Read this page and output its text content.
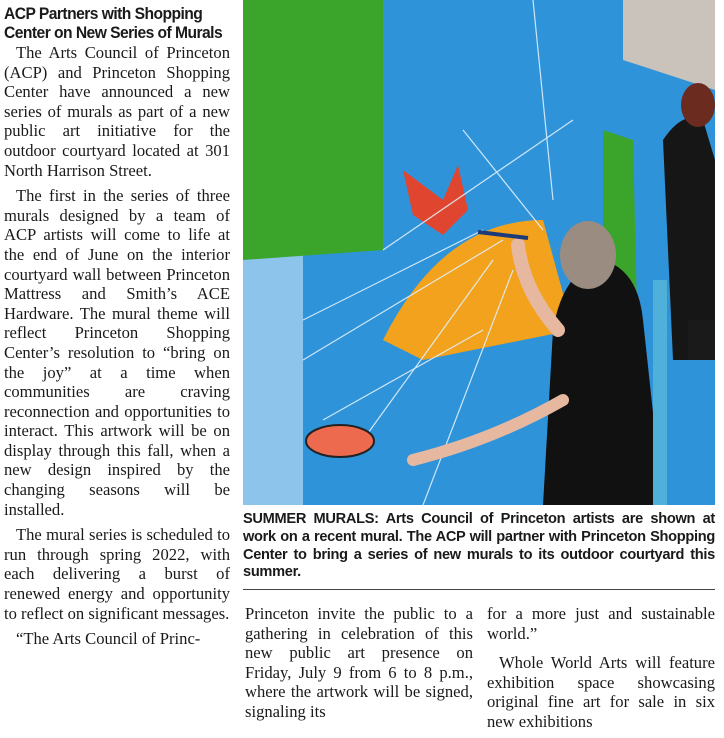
ACP Partners with Shopping Center on New Series of Murals

The Arts Council of Princeton (ACP) and Princeton Shopping Center have announced a new series of murals as part of a new public art initiative for the outdoor courtyard located at 301 North Harrison Street.

The first in the series of three murals designed by a team of ACP artists will come to life at the end of June on the interior courtyard wall between Princeton Mattress and Smith’s ACE Hardware. The mural theme will reflect Princeton Shopping Center’s resolution to “bring on the joy” at a time when communities are craving reconnection and opportunities to interact. This artwork will be on display through this fall, when a new design inspired by the changing seasons will be installed.

The mural series is scheduled to run through spring 2022, with each delivering a burst of renewed energy and opportunity to reflect on significant messages.

“The Arts Council of Princ-

SUMMER MURALS: Arts Council of Princeton artists are shown at work on a recent mural. The ACP will partner with Princeton Shopping Center to bring a series of new murals to its outdoor courtyard this summer.

Princeton invite the public to a gathering in celebration of this new public art presence on Friday, July 9 from 6 to 8 p.m., where the artwork will be signed, signaling its

for a more just and sustainable world.”

Whole World Arts will feature exhibition space showcasing original fine art for sale in six new exhibitions
